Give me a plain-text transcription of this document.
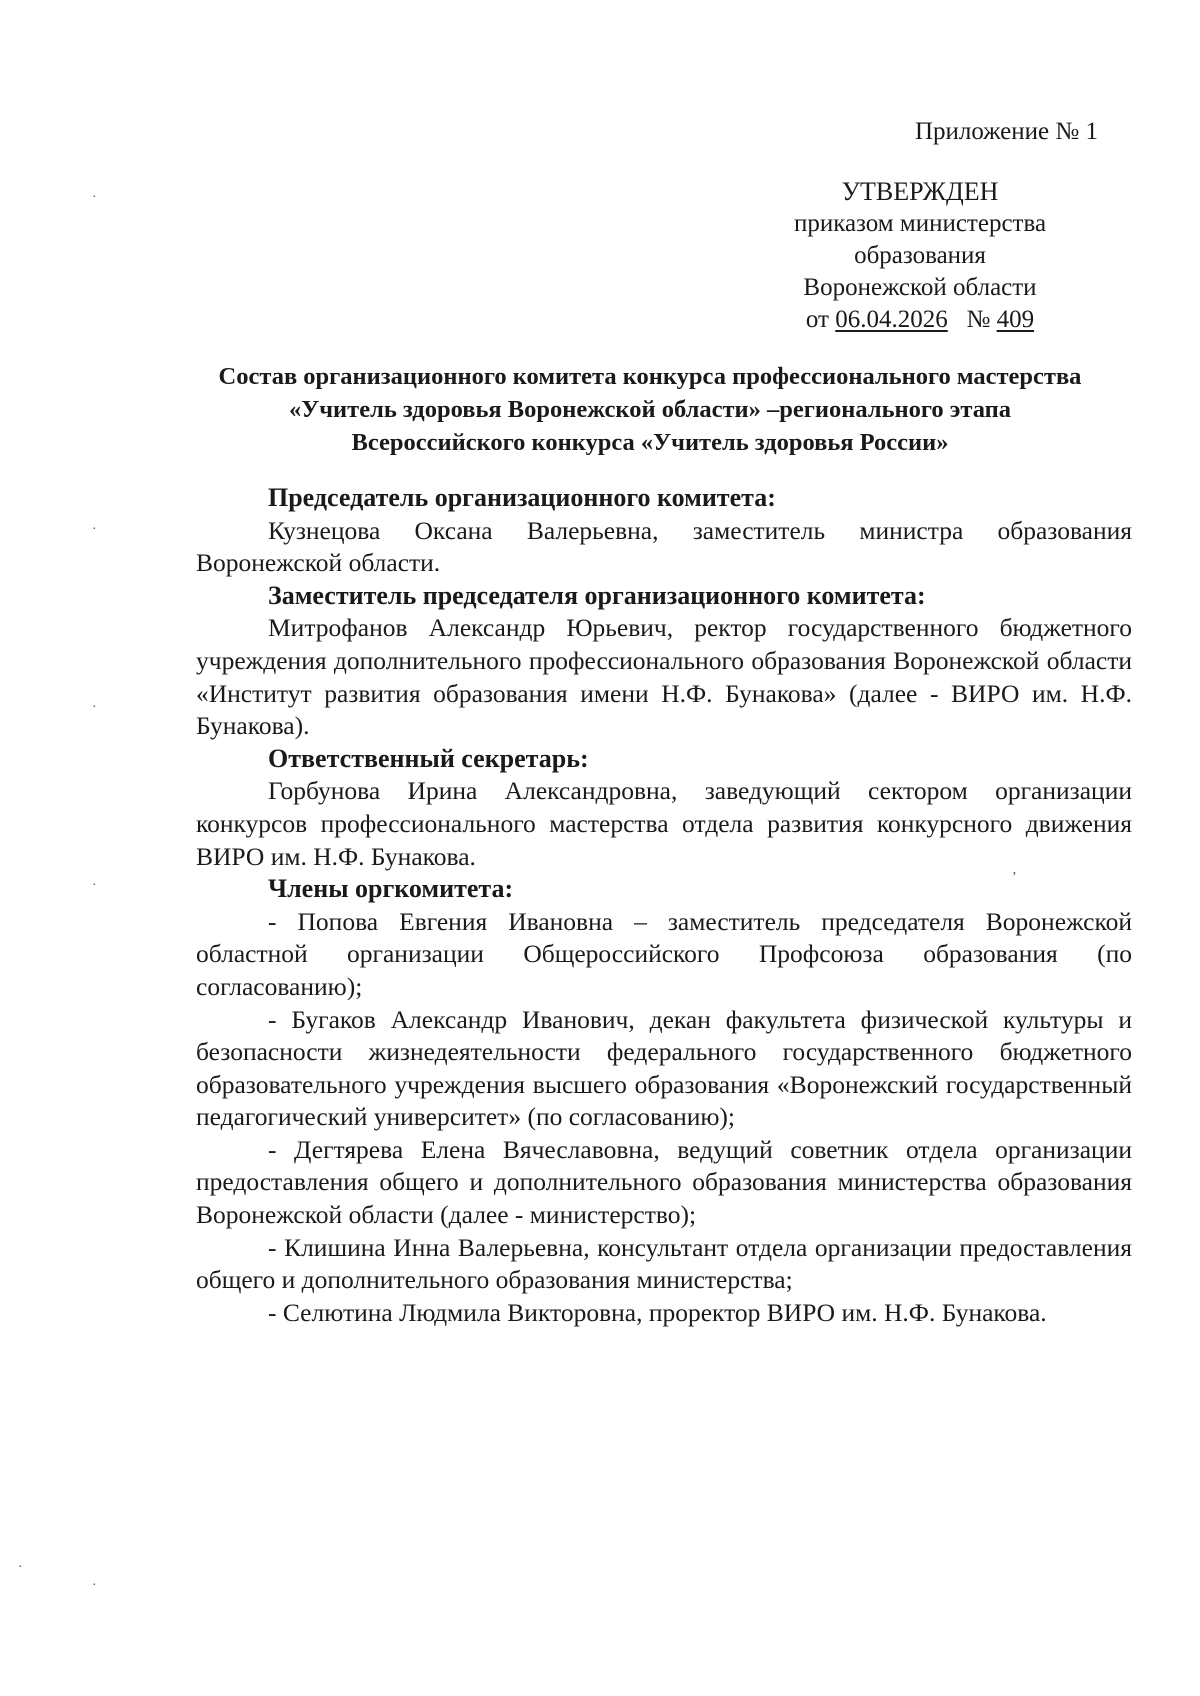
Приложение № 1
УТВЕРЖДЕН
приказом министерства
образования
Воронежской области
от 06.04.2026 № 409
Состав организационного комитета конкурса профессионального мастерства
«Учитель здоровья Воронежской области» –регионального этапа
Всероссийского конкурса «Учитель здоровья России»

Председатель организационного комитета:

Кузнецова Оксана Валерьевна, заместитель министра образования Воронежской области.

Заместитель председателя организационного комитета:

Митрофанов Александр Юрьевич, ректор государственного бюджетного учреждения дополнительного профессионального образования Воронежской области «Институт развития образования имени Н.Ф. Бунакова» (далее - ВИРО им. Н.Ф. Бунакова).

Ответственный секретарь:

Горбунова Ирина Александровна, заведующий сектором организации конкурсов профессионального мастерства отдела развития конкурсного движения ВИРО им. Н.Ф. Бунакова.

Члены оргкомитета:

- Попова Евгения Ивановна – заместитель председателя Воронежской областной организации Общероссийского Профсоюза образования (по согласованию);

- Бугаков Александр Иванович, декан факультета физической культуры и безопасности жизнедеятельности федерального государственного бюджетного образовательного учреждения высшего образования «Воронежский государственный педагогический университет» (по согласованию);

- Дегтярева Елена Вячеславовна, ведущий советник отдела организации предоставления общего и дополнительного образования министерства образования Воронежской области (далее - министерство);

- Клишина Инна Валерьевна, консультант отдела организации предоставления общего и дополнительного образования министерства;

- Селютина Людмила Викторовна, проректор ВИРО им. Н.Ф. Бунакова.

·
·
·
·
ʼ
·
·
